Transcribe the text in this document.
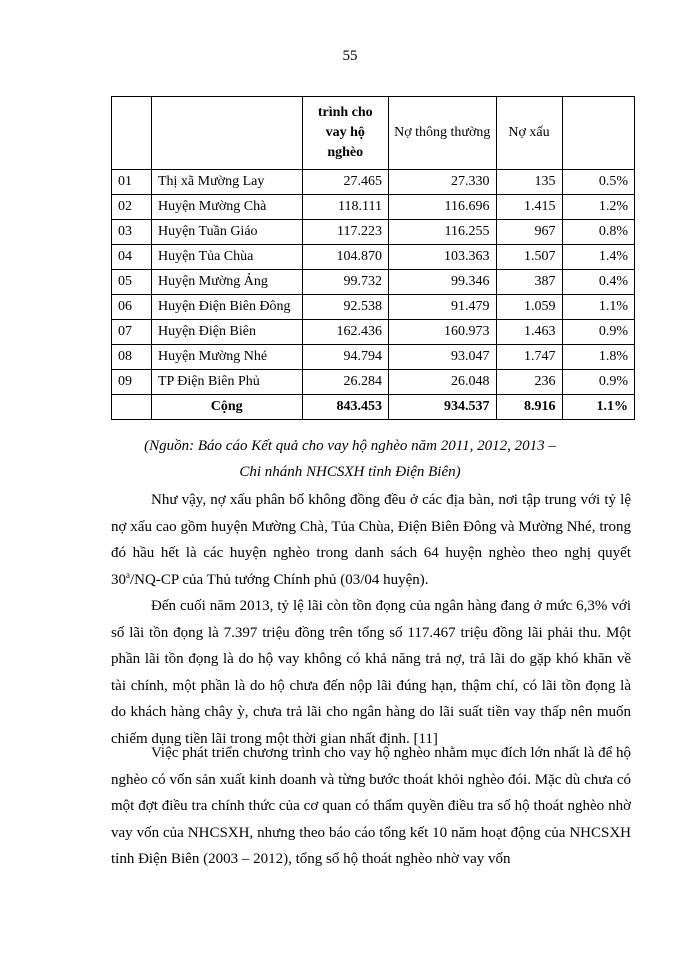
55
		trình cho vay hộ nghèo	Nợ thông thường	Nợ xấu	
01	Thị xã Mường Lay	27.465	27.330	135	0.5%
02	Huyện Mường Chà	118.111	116.696	1.415	1.2%
03	Huyện Tuần Giáo	117.223	116.255	967	0.8%
04	Huyện Tủa Chùa	104.870	103.363	1.507	1.4%
05	Huyện Mường Ảng	99.732	99.346	387	0.4%
06	Huyện Điện Biên Đông	92.538	91.479	1.059	1.1%
07	Huyện Điện Biên	162.436	160.973	1.463	0.9%
08	Huyện Mường Nhé	94.794	93.047	1.747	1.8%
09	TP Điện Biên Phủ	26.284	26.048	236	0.9%
	Cộng	843.453	934.537	8.916	1.1%
(Nguồn: Báo cáo Kết quả cho vay hộ nghèo năm 2011, 2012, 2013 –
Chi nhánh NHCSXH tỉnh Điện Biên)

Như vậy, nợ xấu phân bố không đồng đều ở các địa bàn, nơi tập trung với tỷ lệ nợ xấu cao gồm huyện Mường Chà, Tủa Chùa, Điện Biên Đông và Mường Nhé, trong đó hầu hết là các huyện nghèo trong danh sách 64 huyện nghèo theo nghị quyết 30$^a$/NQ-CP của Thủ tướng Chính phủ (03/04 huyện).

Đến cuối năm 2013, tỷ lệ lãi còn tồn đọng của ngân hàng đang ở mức 6,3% với số lãi tồn đọng là 7.397 triệu đồng trên tổng số 117.467 triệu đồng lãi phải thu. Một phần lãi tồn đọng là do hộ vay không có khả năng trả nợ, trả lãi do gặp khó khăn về tài chính, một phần là do hộ chưa đến nộp lãi đúng hạn, thậm chí, có lãi tồn đọng là do khách hàng chây ỳ, chưa trả lãi cho ngân hàng do lãi suất tiền vay thấp nên muốn chiếm dụng tiền lãi trong một thời gian nhất định. [11]

Việc phát triển chương trình cho vay hộ nghèo nhằm mục đích lớn nhất là để hộ nghèo có vốn sản xuất kinh doanh và từng bước thoát khỏi nghèo đói. Mặc dù chưa có một đợt điều tra chính thức của cơ quan có thẩm quyền điều tra số hộ thoát nghèo nhờ vay vốn của NHCSXH, nhưng theo báo cáo tổng kết 10 năm hoạt động của NHCSXH tỉnh Điện Biên (2003 – 2012), tổng số hộ thoát nghèo nhờ vay vốn
